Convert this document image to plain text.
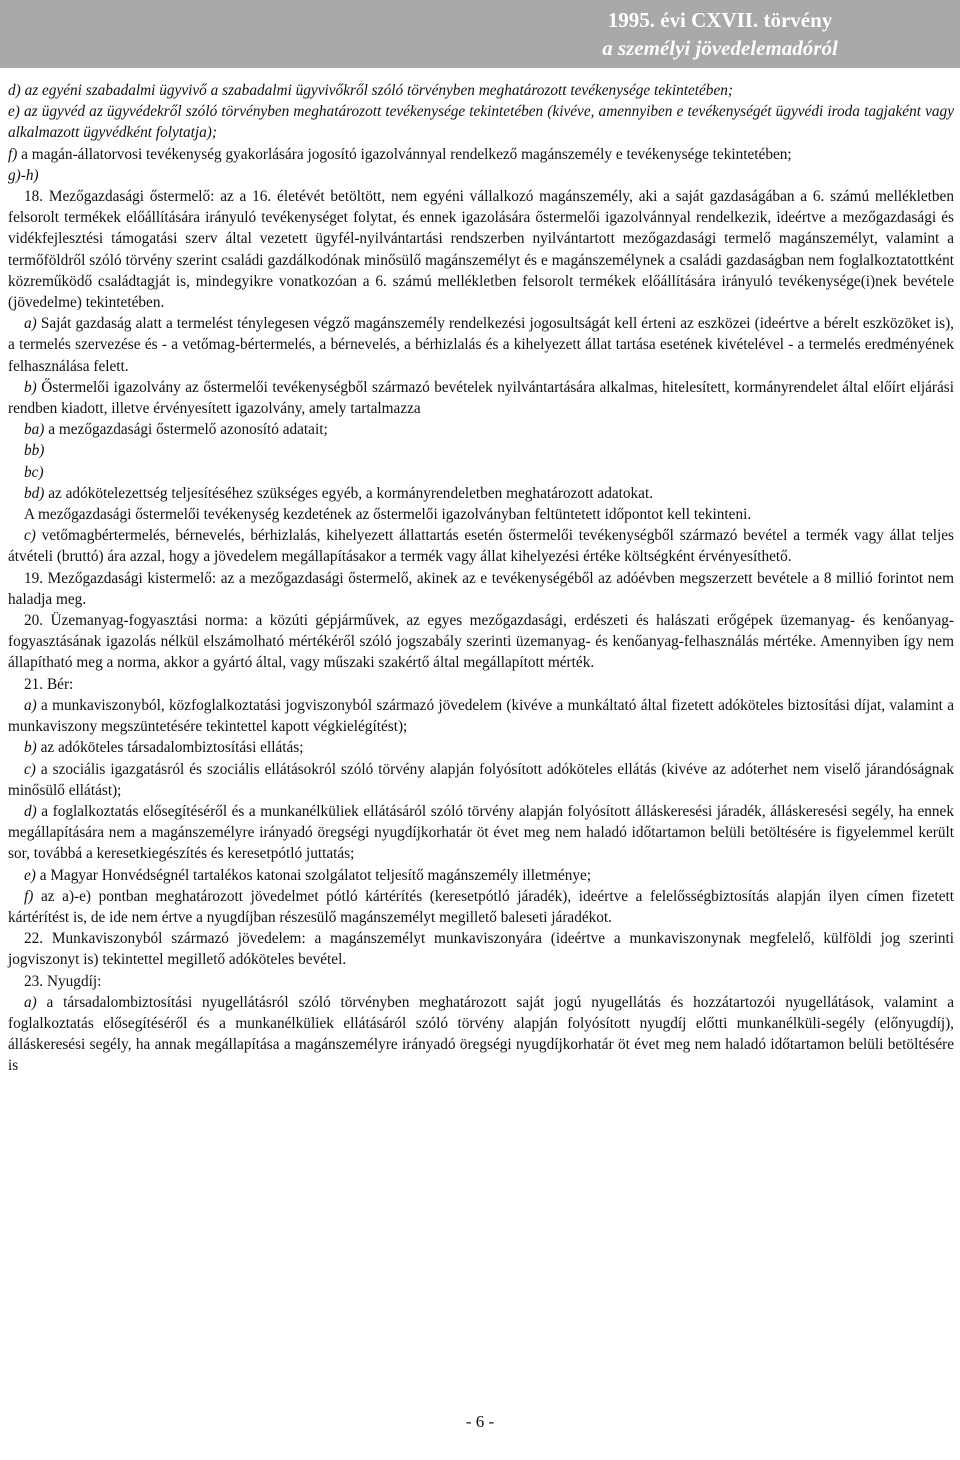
1995. évi CXVII. törvény
a személyi jövedelemadóról

d) az egyéni szabadalmi ügyvivő a szabadalmi ügyvivőkről szóló törvényben meghatározott tevékenysége tekintetében;

e) az ügyvéd az ügyvédekről szóló törvényben meghatározott tevékenysége tekintetében (kivéve, amennyiben e tevékenységét ügyvédi iroda tagjaként vagy alkalmazott ügyvédként folytatja);

f) a magán-állatorvosi tevékenység gyakorlására jogosító igazolvánnyal rendelkező magánszemély e tevékenysége tekintetében;

g)-h)

18. Mezőgazdasági őstermelő: az a 16. életévét betöltött, nem egyéni vállalkozó magánszemély, aki a saját gazdaságában a 6. számú mellékletben felsorolt termékek előállítására irányuló tevékenységet folytat, és ennek igazolására őstermelői igazolvánnyal rendelkezik, ideértve a mezőgazdasági és vidékfejlesztési támogatási szerv által vezetett ügyfél-nyilvántartási rendszerben nyilvántartott mezőgazdasági termelő magánszemélyt, valamint a termőföldről szóló törvény szerint családi gazdálkodónak minősülő magánszemélyt és e magánszemélynek a családi gazdaságban nem foglalkoztatottként közreműködő családtagját is, mindegyikre vonatkozóan a 6. számú mellékletben felsorolt termékek előállítására irányuló tevékenysége(i)nek bevétele (jövedelme) tekintetében.

a) Saját gazdaság alatt a termelést ténylegesen végző magánszemély rendelkezési jogosultságát kell érteni az eszközei (ideértve a bérelt eszközöket is), a termelés szervezése és - a vetőmag-bértermelés, a bérnevelés, a bérhizlalás és a kihelyezett állat tartása esetének kivételével - a termelés eredményének felhasználása felett.

b) Őstermelői igazolvány az őstermelői tevékenységből származó bevételek nyilvántartására alkalmas, hitelesített, kormányrendelet által előírt eljárási rendben kiadott, illetve érvényesített igazolvány, amely tartalmazza

ba) a mezőgazdasági őstermelő azonosító adatait;

bb)

bc)

bd) az adókötelezettség teljesítéséhez szükséges egyéb, a kormányrendeletben meghatározott adatokat.

A mezőgazdasági őstermelői tevékenység kezdetének az őstermelői igazolványban feltüntetett időpontot kell tekinteni.

c) vetőmagbértermelés, bérnevelés, bérhizlalás, kihelyezett állattartás esetén őstermelői tevékenységből származó bevétel a termék vagy állat teljes átvételi (bruttó) ára azzal, hogy a jövedelem megállapításakor a termék vagy állat kihelyezési értéke költségként érvényesíthető.

19. Mezőgazdasági kistermelő: az a mezőgazdasági őstermelő, akinek az e tevékenységéből az adóévben megszerzett bevétele a 8 millió forintot nem haladja meg.

20. Üzemanyag-fogyasztási norma: a közúti gépjárművek, az egyes mezőgazdasági, erdészeti és halászati erőgépek üzemanyag- és kenőanyag-fogyasztásának igazolás nélkül elszámolható mértékéről szóló jogszabály szerinti üzemanyag- és kenőanyag-felhasználás mértéke. Amennyiben így nem állapítható meg a norma, akkor a gyártó által, vagy műszaki szakértő által megállapított mérték.

21. Bér:

a) a munkaviszonyból, közfoglalkoztatási jogviszonyból származó jövedelem (kivéve a munkáltató által fizetett adóköteles biztosítási díjat, valamint a munkaviszony megszüntetésére tekintettel kapott végkielégítést);

b) az adóköteles társadalombiztosítási ellátás;

c) a szociális igazgatásról és szociális ellátásokról szóló törvény alapján folyósított adóköteles ellátás (kivéve az adóterhet nem viselő járandóságnak minősülő ellátást);

d) a foglalkoztatás elősegítéséről és a munkanélküliek ellátásáról szóló törvény alapján folyósított álláskeresési járadék, álláskeresési segély, ha ennek megállapítására nem a magánszemélyre irányadó öregségi nyugdíjkorhatár öt évet meg nem haladó időtartamon belüli betöltésére is figyelemmel került sor, továbbá a keresetkiegészítés és keresetpótló juttatás;

e) a Magyar Honvédségnél tartalékos katonai szolgálatot teljesítő magánszemély illetménye;

f) az a)-e) pontban meghatározott jövedelmet pótló kártérítés (keresetpótló járadék), ideértve a felelősségbiztosítás alapján ilyen címen fizetett kártérítést is, de ide nem értve a nyugdíjban részesülő magánszemélyt megillető baleseti járadékot.

22. Munkaviszonyból származó jövedelem: a magánszemélyt munkaviszonyára (ideértve a munkaviszonynak megfelelő, külföldi jog szerinti jogviszonyt is) tekintettel megillető adóköteles bevétel.

23. Nyugdíj:

a) a társadalombiztosítási nyugellátásról szóló törvényben meghatározott saját jogú nyugellátás és hozzátartozói nyugellátások, valamint a foglalkoztatás elősegítéséről és a munkanélküliek ellátásáról szóló törvény alapján folyósított nyugdíj előtti munkanélküli-segély (előnyugdíj), álláskeresési segély, ha annak megállapítása a magánszemélyre irányadó öregségi nyugdíjkorhatár öt évet meg nem haladó időtartamon belüli betöltésére is

- 6 -
